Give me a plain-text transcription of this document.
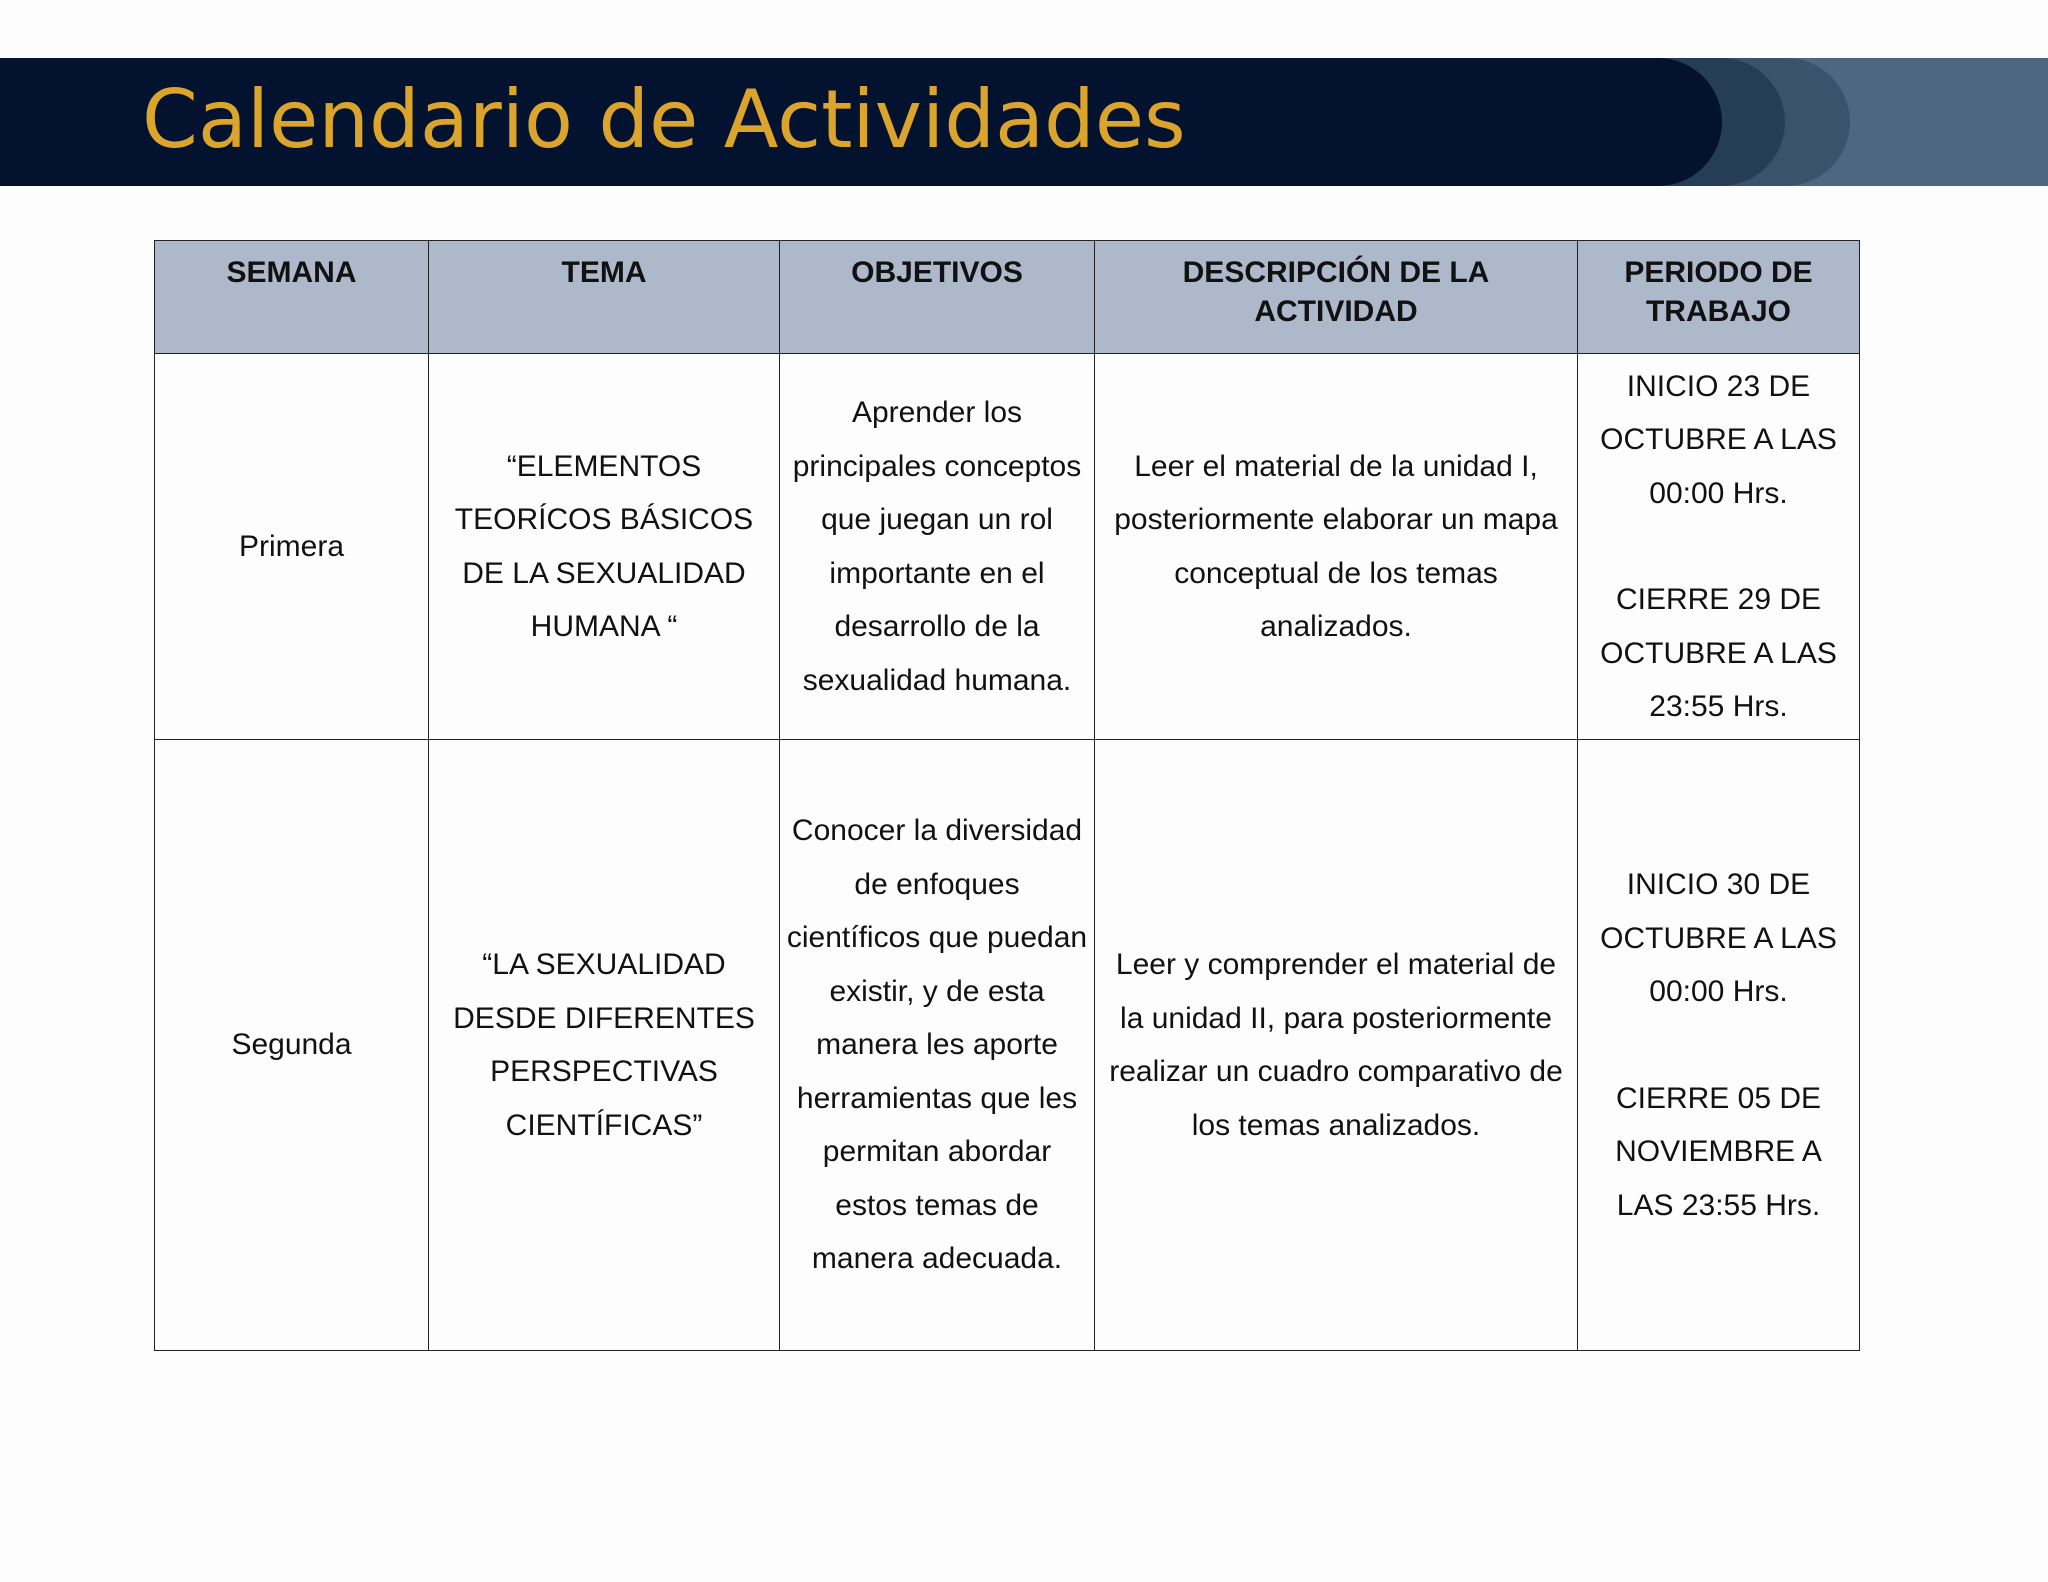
Calendario de Actividades
SEMANA	TEMA	OBJETIVOS	DESCRIPCIÓN DE LA ACTIVIDAD	PERIODO DE TRABAJO
Primera	“ELEMENTOS TEORÍCOS BÁSICOS DE LA SEXUALIDAD HUMANA “	Aprender los principales conceptos que juegan un rol importante en el desarrollo de la sexualidad humana.	Leer el material de la unidad I, posteriormente elaborar un mapa conceptual de los temas analizados.	INICIO 23 DE OCTUBRE A LAS 00:00 Hrs.
CIERRE 29 DE OCTUBRE A LAS 23:55 Hrs.

Segunda	“LA SEXUALIDAD DESDE DIFERENTES PERSPECTIVAS CIENTÍFICAS”	Conocer la diversidad de enfoques científicos que puedan existir, y de esta manera les aporte herramientas que les permitan abordar estos temas de manera adecuada.	Leer y comprender el material de la unidad II, para posteriormente realizar un cuadro comparativo de los temas analizados.	INICIO 30 DE OCTUBRE A LAS 00:00 Hrs.
CIERRE 05 DE NOVIEMBRE A LAS 23:55 Hrs.
